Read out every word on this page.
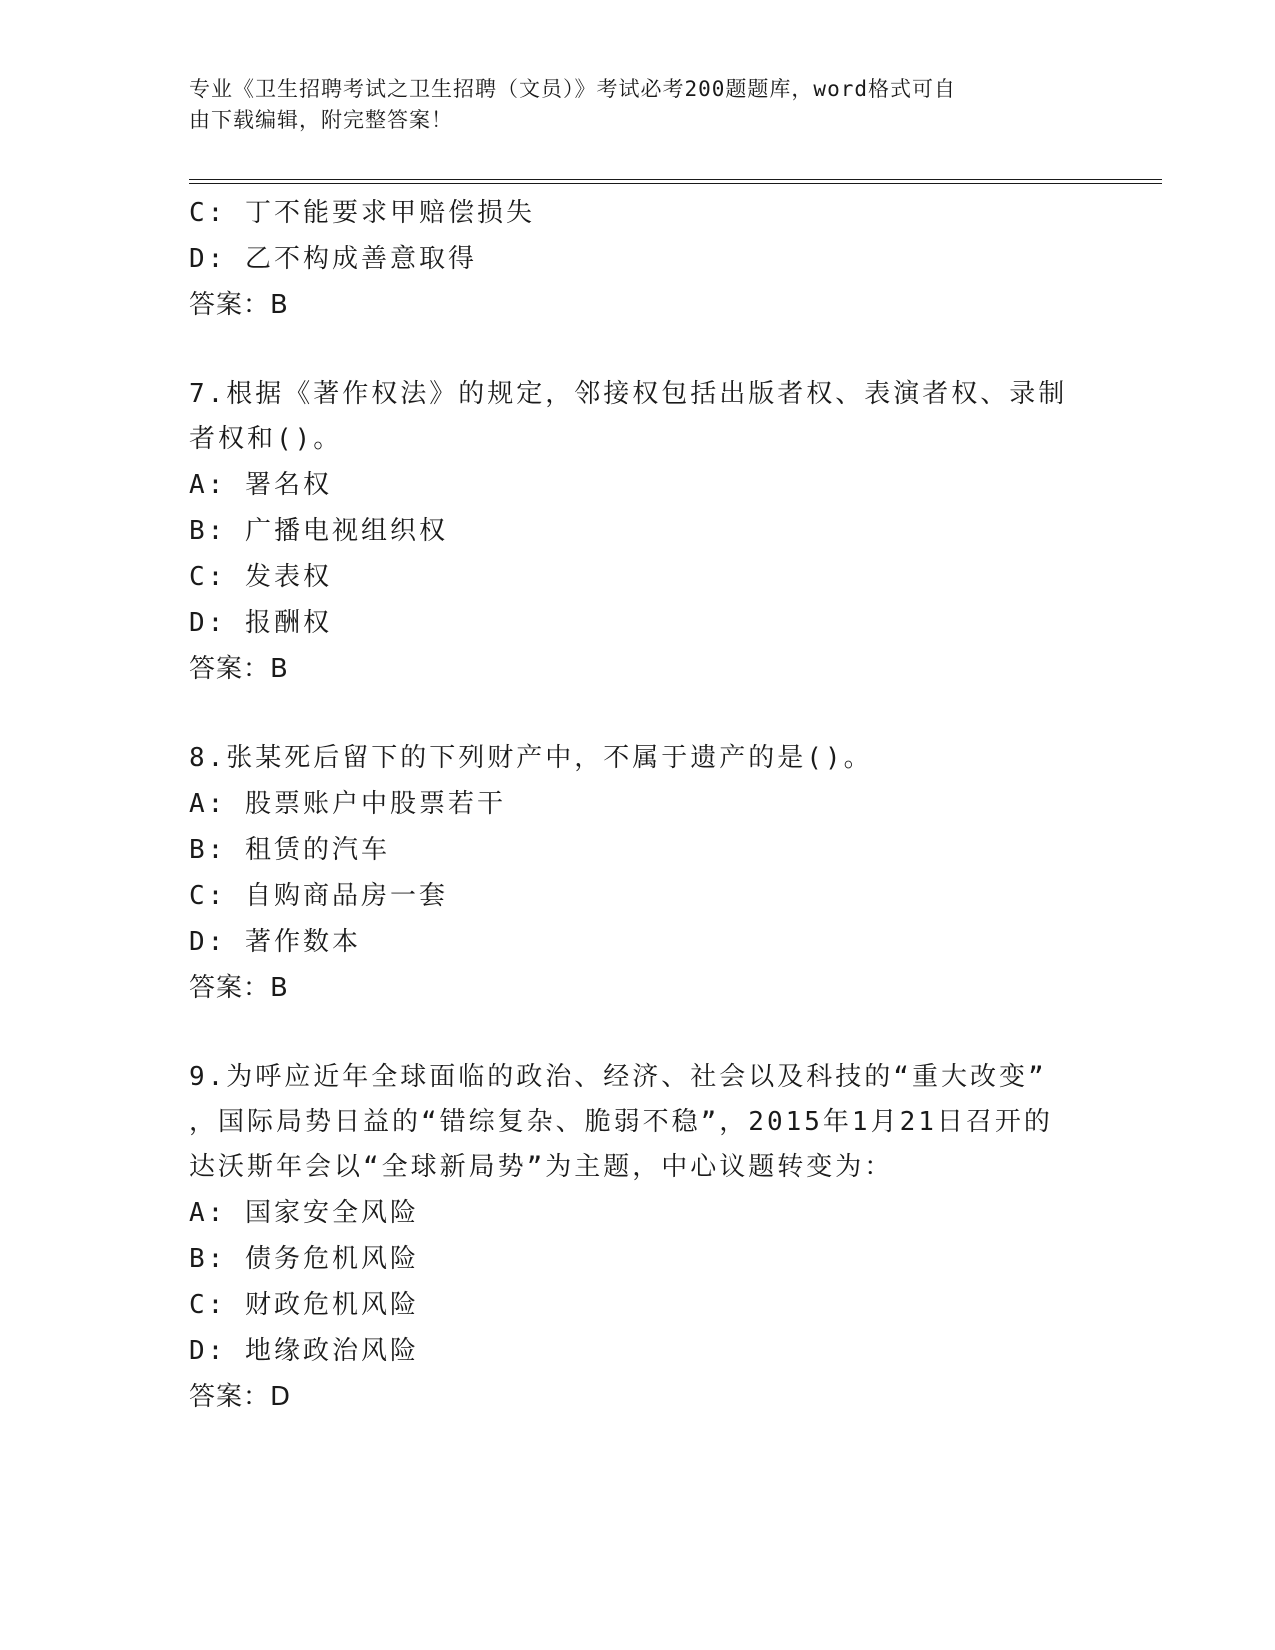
专业《卫生招聘考试之卫生招聘（文员）》考试必考200题题库，word格式可自
由下载编辑，附完整答案！
C: 丁不能要求甲赔偿损失
D: 乙不构成善意取得
答案：B
7.根据《著作权法》的规定，邻接权包括出版者权、表演者权、录制
者权和()。
A: 署名权
B: 广播电视组织权
C: 发表权
D: 报酬权
答案：B
8.张某死后留下的下列财产中，不属于遗产的是()。
A: 股票账户中股票若干
B: 租赁的汽车
C: 自购商品房一套
D: 著作数本
答案：B
9.为呼应近年全球面临的政治、经济、社会以及科技的“重大改变”
，国际局势日益的“错综复杂、脆弱不稳”，2015年1月21日召开的
达沃斯年会以“全球新局势”为主题，中心议题转变为：
A: 国家安全风险
B: 债务危机风险
C: 财政危机风险
D: 地缘政治风险
答案：D
